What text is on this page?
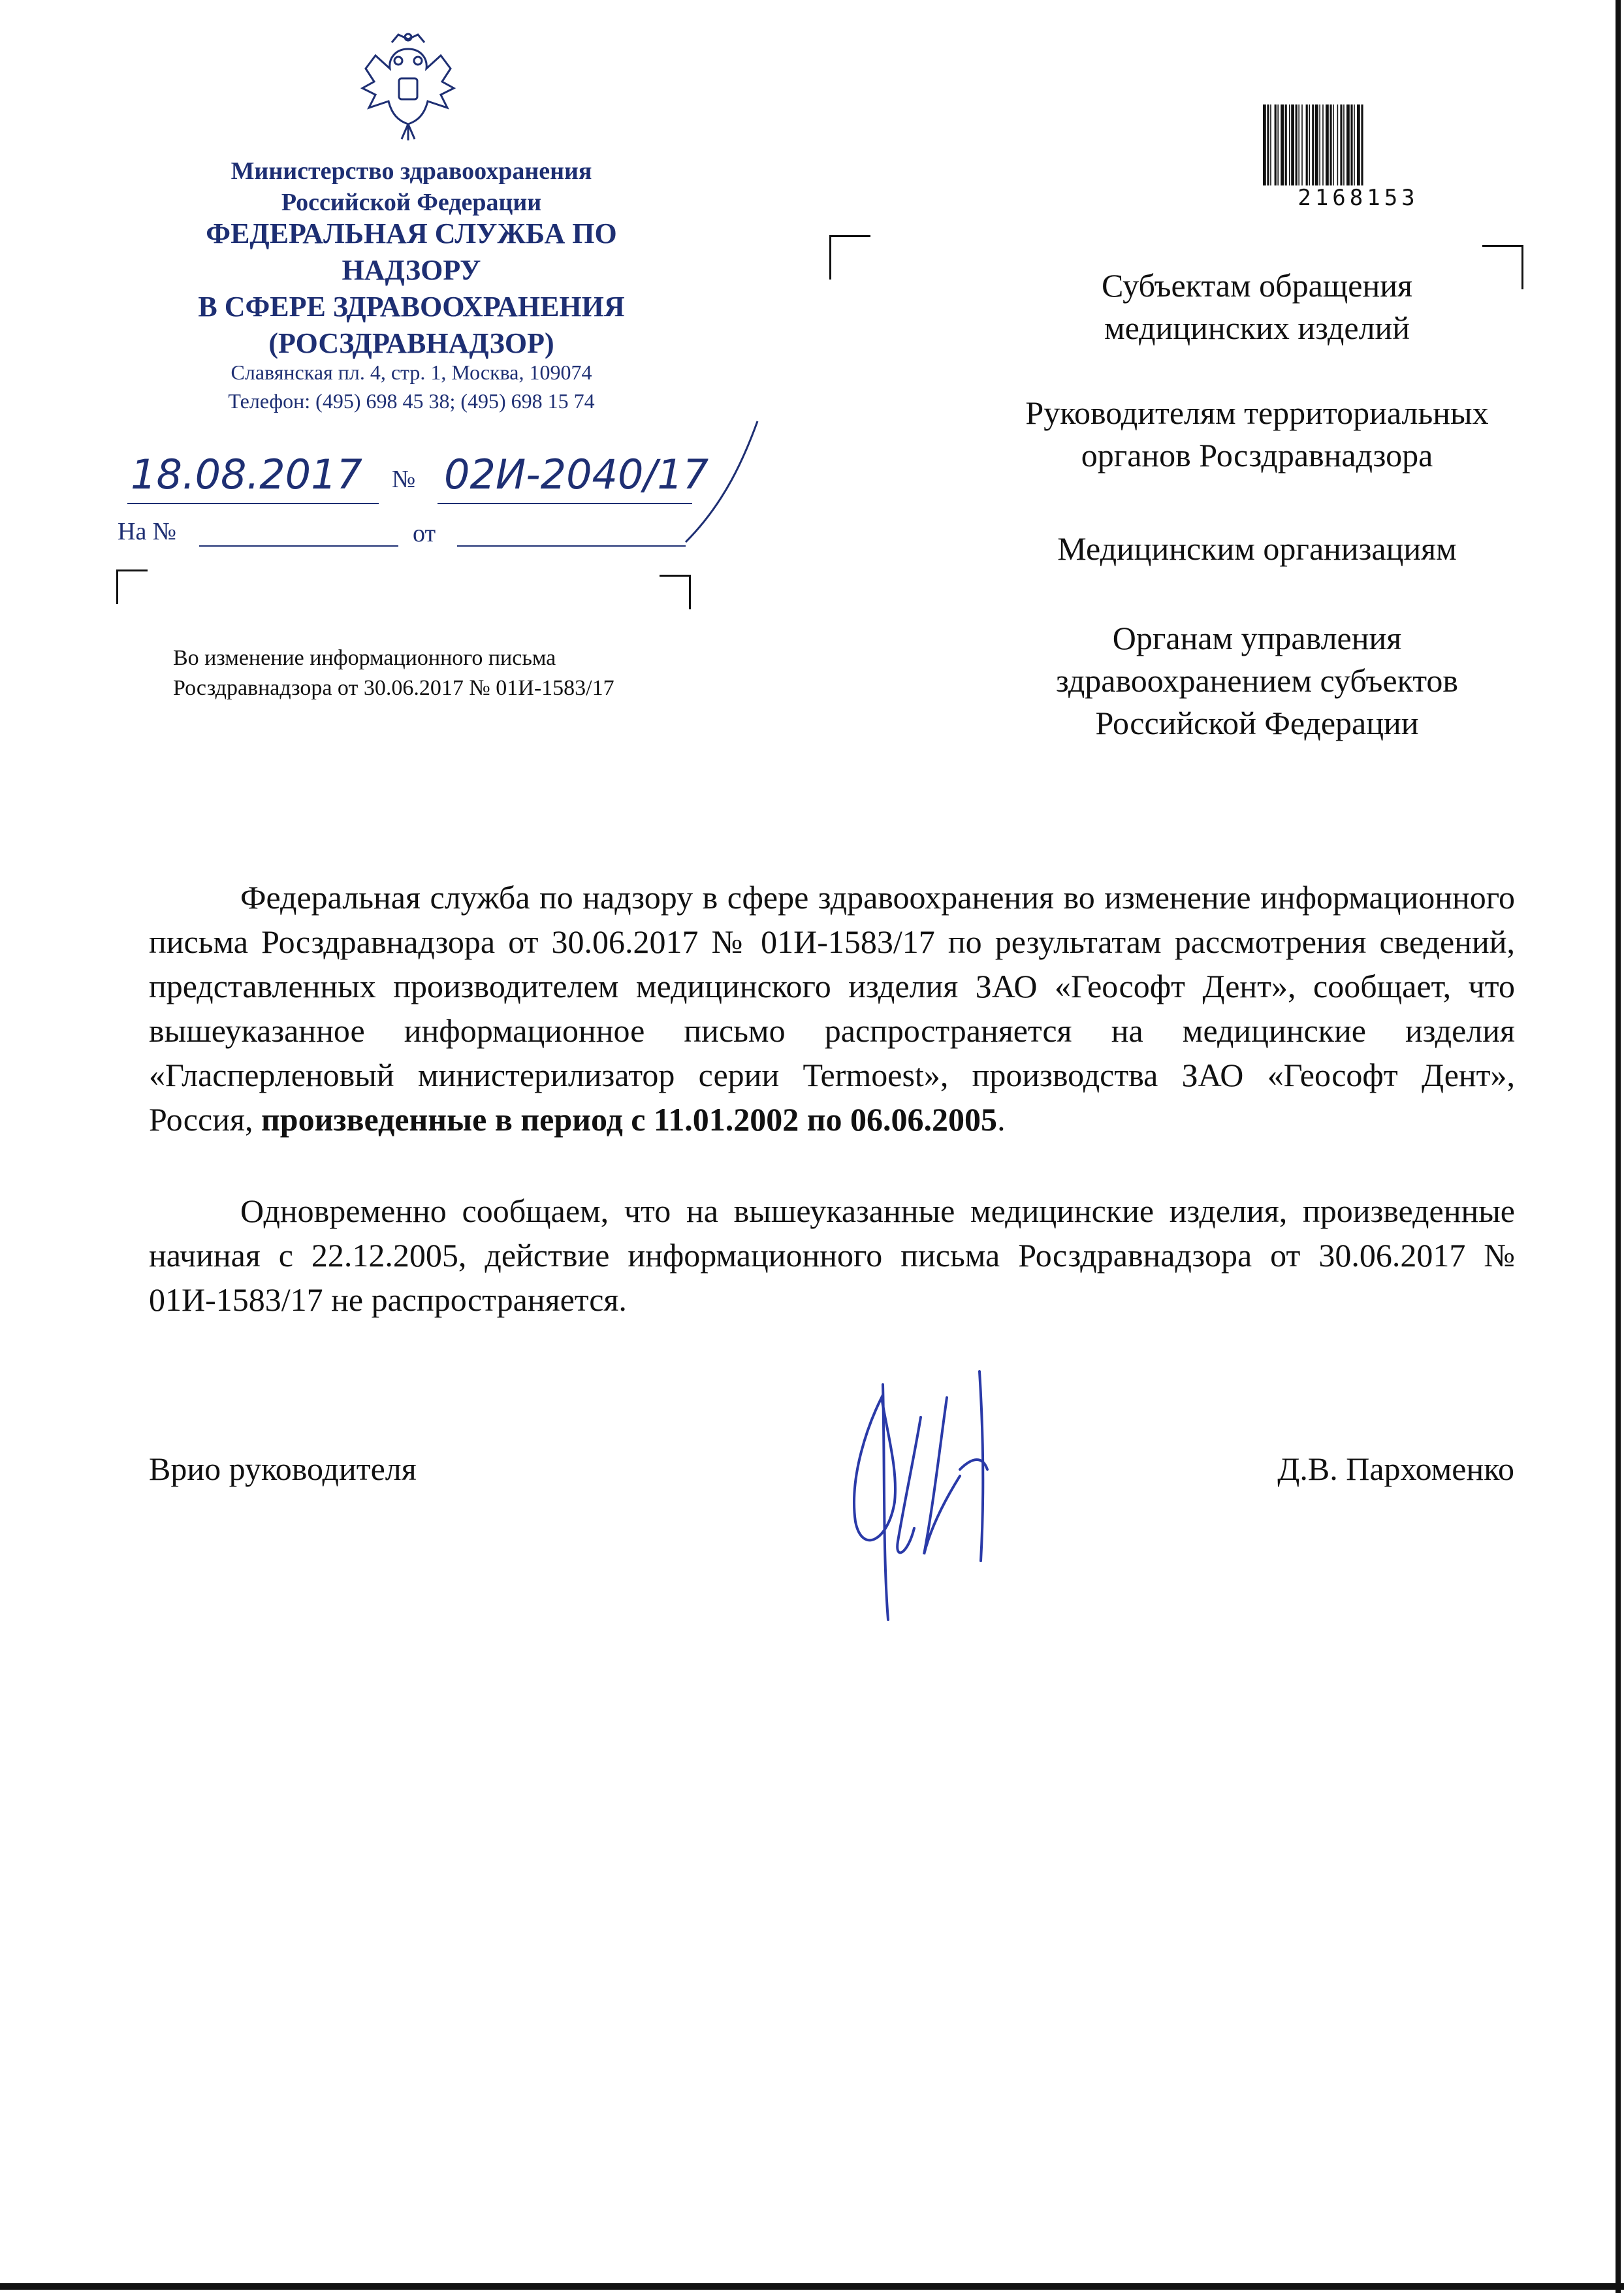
Министерство здравоохранения
Российской Федерации
ФЕДЕРАЛЬНАЯ СЛУЖБА ПО НАДЗОРУ
В СФЕРЕ ЗДРАВООХРАНЕНИЯ
(РОСЗДРАВНАДЗОР)
Славянская пл. 4, стр. 1, Москва, 109074
Телефон: (495) 698 45 38; (495) 698 15 74
18.08.2017 № 02И-2040/17
На №	от
Во изменение информационного письма
Росздравнадзора от 30.06.2017 № 01И-1583/17
2168153
Субъектам обращения
медицинских изделий
Руководителям территориальных
органов Росздравнадзора
Медицинским организациям
Органам управления
здравоохранением субъектов
Российской Федерации
Федеральная служба по надзору в сфере здравоохранения во изменение информационного письма Росздравнадзора от 30.06.2017 № 01И-1583/17 по результатам рассмотрения сведений, представленных производителем медицинского изделия ЗАО «Геософт Дент», сообщает, что вышеуказанное информационное письмо распространяется на медицинские изделия «Гласперленовый министерилизатор серии Termoest», производства ЗАО «Геософт Дент», Россия, произведенные в период с 11.01.2002 по 06.06.2005.
Одновременно сообщаем, что на вышеуказанные медицинские изделия, произведенные начиная с 22.12.2005, действие информационного письма Росздравнадзора от 30.06.2017 № 01И-1583/17 не распространяется.
Врио руководителя	Д.В. Пархоменко
